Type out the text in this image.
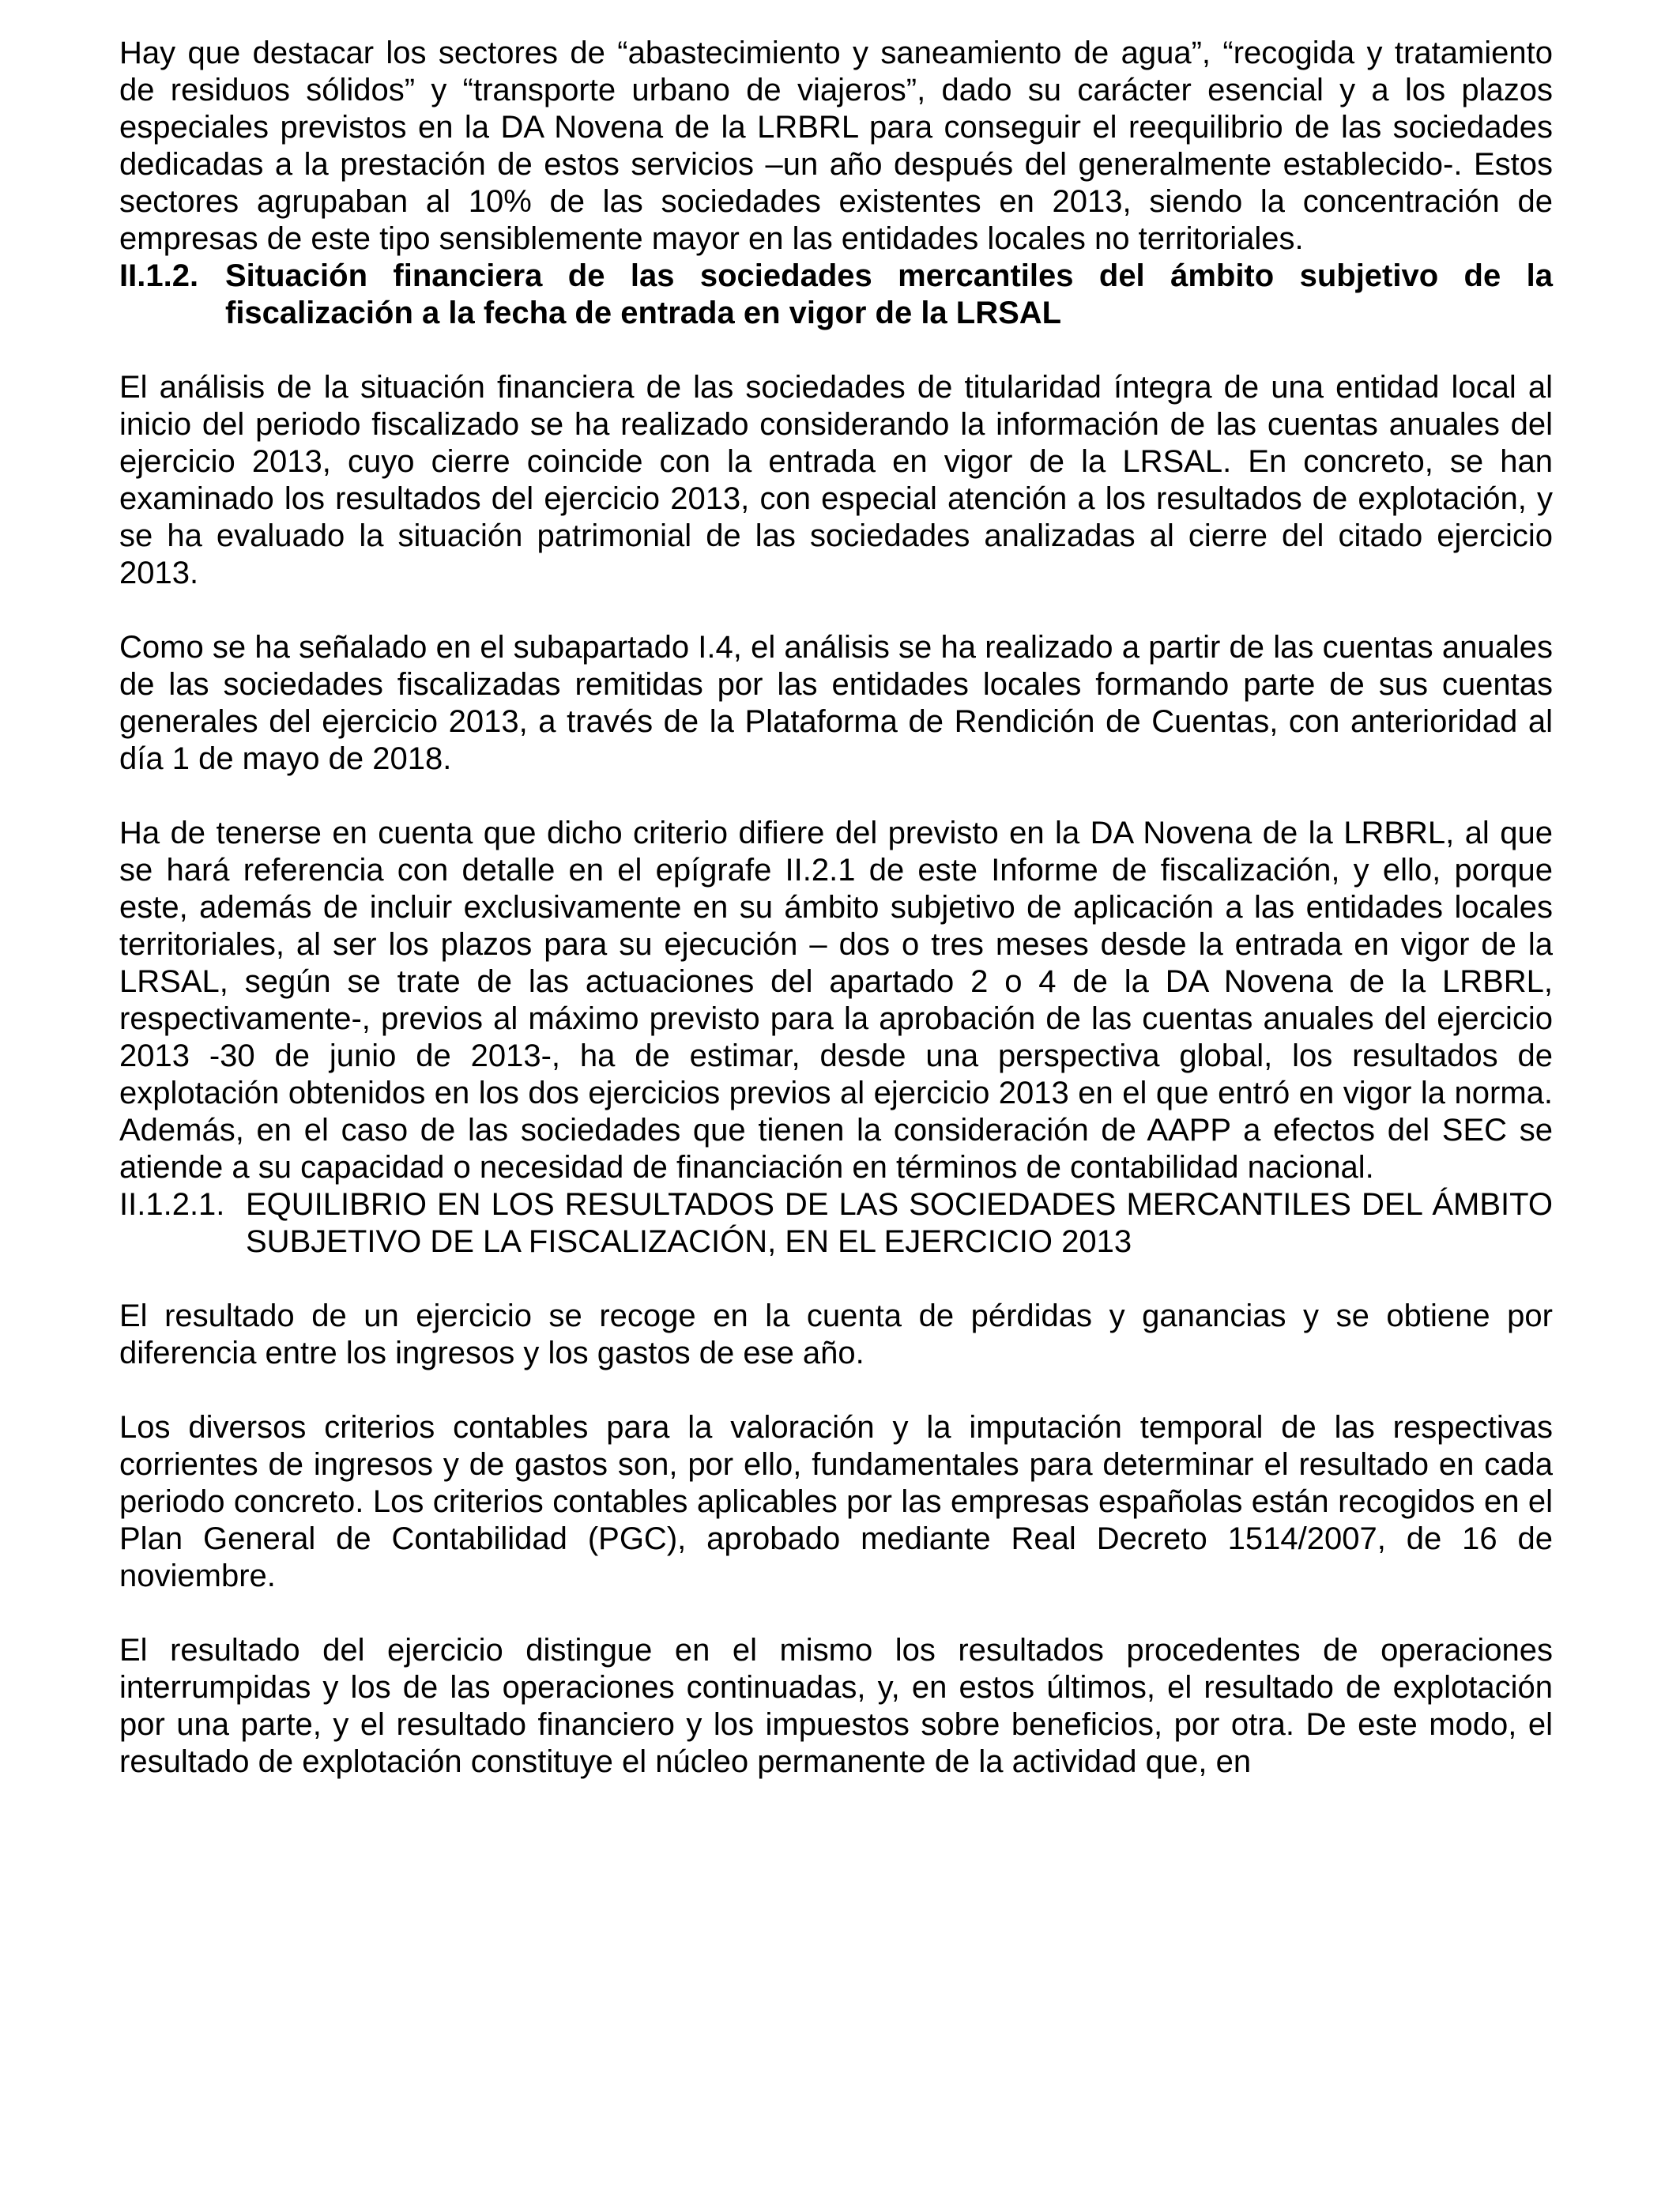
Hay que destacar los sectores de “abastecimiento y saneamiento de agua”, “recogida y tratamiento de residuos sólidos” y “transporte urbano de viajeros”, dado su carácter esencial y a los plazos especiales previstos en la DA Novena de la LRBRL para conseguir el reequilibrio de las sociedades dedicadas a la prestación de estos servicios –un año después del generalmente establecido-. Estos sectores agrupaban al 10% de las sociedades existentes en 2013, siendo la concentración de empresas de este tipo sensiblemente mayor en las entidades locales no territoriales.

II.1.2. Situación financiera de las sociedades mercantiles del ámbito subjetivo de la fiscalización a la fecha de entrada en vigor de la LRSAL

El análisis de la situación financiera de las sociedades de titularidad íntegra de una entidad local al inicio del periodo fiscalizado se ha realizado considerando la información de las cuentas anuales del ejercicio 2013, cuyo cierre coincide con la entrada en vigor de la LRSAL. En concreto, se han examinado los resultados del ejercicio 2013, con especial atención a los resultados de explotación, y se ha evaluado la situación patrimonial de las sociedades analizadas al cierre del citado ejercicio 2013.

Como se ha señalado en el subapartado I.4, el análisis se ha realizado a partir de las cuentas anuales de las sociedades fiscalizadas remitidas por las entidades locales formando parte de sus cuentas generales del ejercicio 2013, a través de la Plataforma de Rendición de Cuentas, con anterioridad al día 1 de mayo de 2018.

Ha de tenerse en cuenta que dicho criterio difiere del previsto en la DA Novena de la LRBRL, al que se hará referencia con detalle en el epígrafe II.2.1 de este Informe de fiscalización, y ello, porque este, además de incluir exclusivamente en su ámbito subjetivo de aplicación a las entidades locales territoriales, al ser los plazos para su ejecución – dos o tres meses desde la entrada en vigor de la LRSAL, según se trate de las actuaciones del apartado 2 o 4 de la DA Novena de la LRBRL, respectivamente-, previos al máximo previsto para la aprobación de las cuentas anuales del ejercicio 2013 -30 de junio de 2013-, ha de estimar, desde una perspectiva global, los resultados de explotación obtenidos en los dos ejercicios previos al ejercicio 2013 en el que entró en vigor la norma. Además, en el caso de las sociedades que tienen la consideración de AAPP a efectos del SEC se atiende a su capacidad o necesidad de financiación en términos de contabilidad nacional.

II.1.2.1. EQUILIBRIO EN LOS RESULTADOS DE LAS SOCIEDADES MERCANTILES DEL ÁMBITO SUBJETIVO DE LA FISCALIZACIÓN, EN EL EJERCICIO 2013

El resultado de un ejercicio se recoge en la cuenta de pérdidas y ganancias y se obtiene por diferencia entre los ingresos y los gastos de ese año.

Los diversos criterios contables para la valoración y la imputación temporal de las respectivas corrientes de ingresos y de gastos son, por ello, fundamentales para determinar el resultado en cada periodo concreto. Los criterios contables aplicables por las empresas españolas están recogidos en el Plan General de Contabilidad (PGC), aprobado mediante Real Decreto 1514/2007, de 16 de noviembre.

El resultado del ejercicio distingue en el mismo los resultados procedentes de operaciones interrumpidas y los de las operaciones continuadas, y, en estos últimos, el resultado de explotación por una parte, y el resultado financiero y los impuestos sobre beneficios, por otra. De este modo, el resultado de explotación constituye el núcleo permanente de la actividad que, en
